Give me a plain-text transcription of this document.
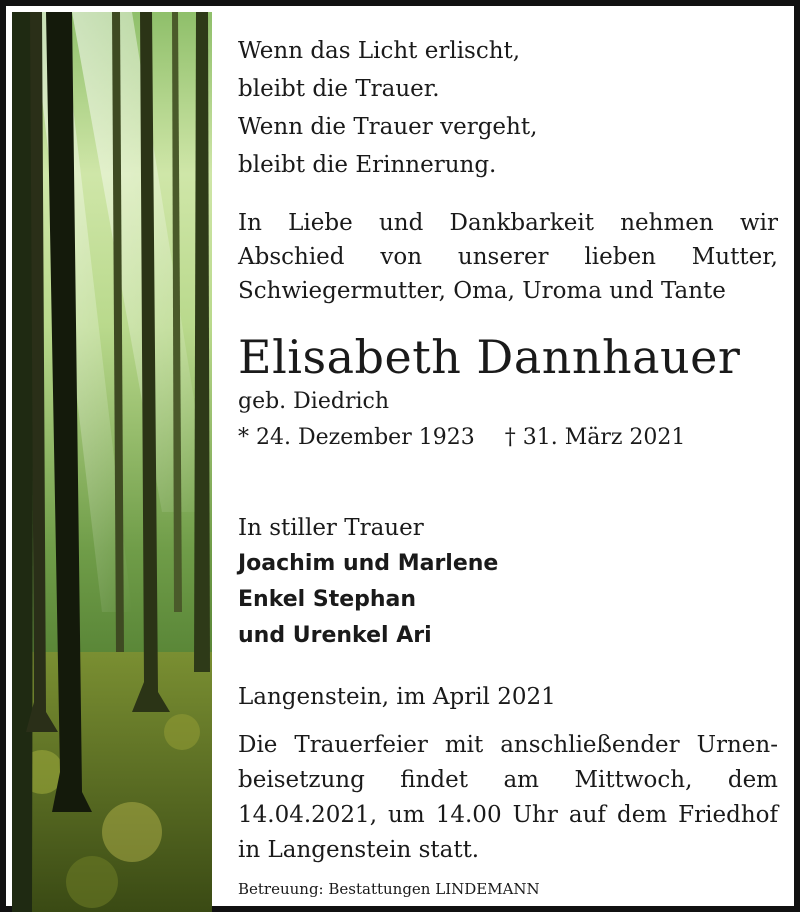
Wenn das Licht erlischt,

bleibt die Trauer.

Wenn die Trauer vergeht,

bleibt die Erinnerung.

In Liebe und Dankbarkeit nehmen wir
Abschied von unserer lieben Mutter,
Schwiegermutter, Oma, Uroma und Tante
Elisabeth Dannhauer
geb. Diedrich
* 24. Dezember 1923 † 31. März 2021

In stiller Trauer

Joachim und Marlene

Enkel Stephan

und Urenkel Ari

Langenstein, im April 2021
Die Trauerfeier mit anschließender Urnen-
beisetzung findet am Mittwoch, dem
14.04.2021, um 14.00 Uhr auf dem Friedhof
in Langenstein statt.
Betreuung: Bestattungen LINDEMANN
